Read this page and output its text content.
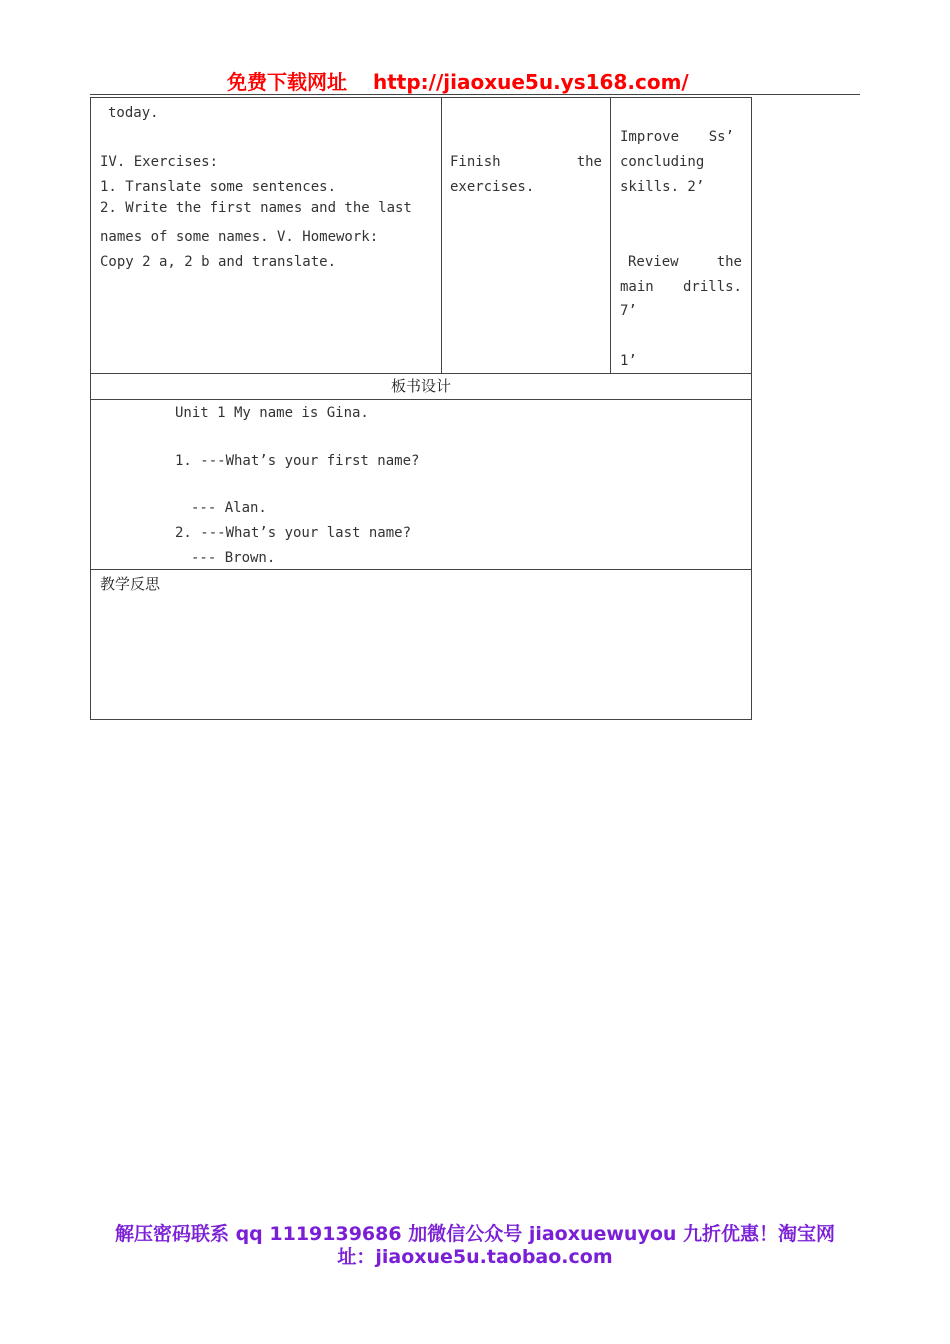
免费下载网址 http://jiaoxue5u.ys168.com/
today.
IV. Exercises:
1. Translate some sentences.
2. Write the first names and the last
names of some names. V. Homework:
Copy 2 a, 2 b and translate.
Finish	the
exercises.
Improve Ss’
concluding
skills. 2’
Review	the
main drills.
7’
1’
板书设计
Unit 1 My name is Gina.
1. ---What’s your first name?
--- Alan.
2. ---What’s your last name?
--- Brown.
教学反思
解压密码联系 qq 1119139686 加微信公众号 jiaoxuewuyou 九折优惠！淘宝网
址：jiaoxue5u.taobao.com
